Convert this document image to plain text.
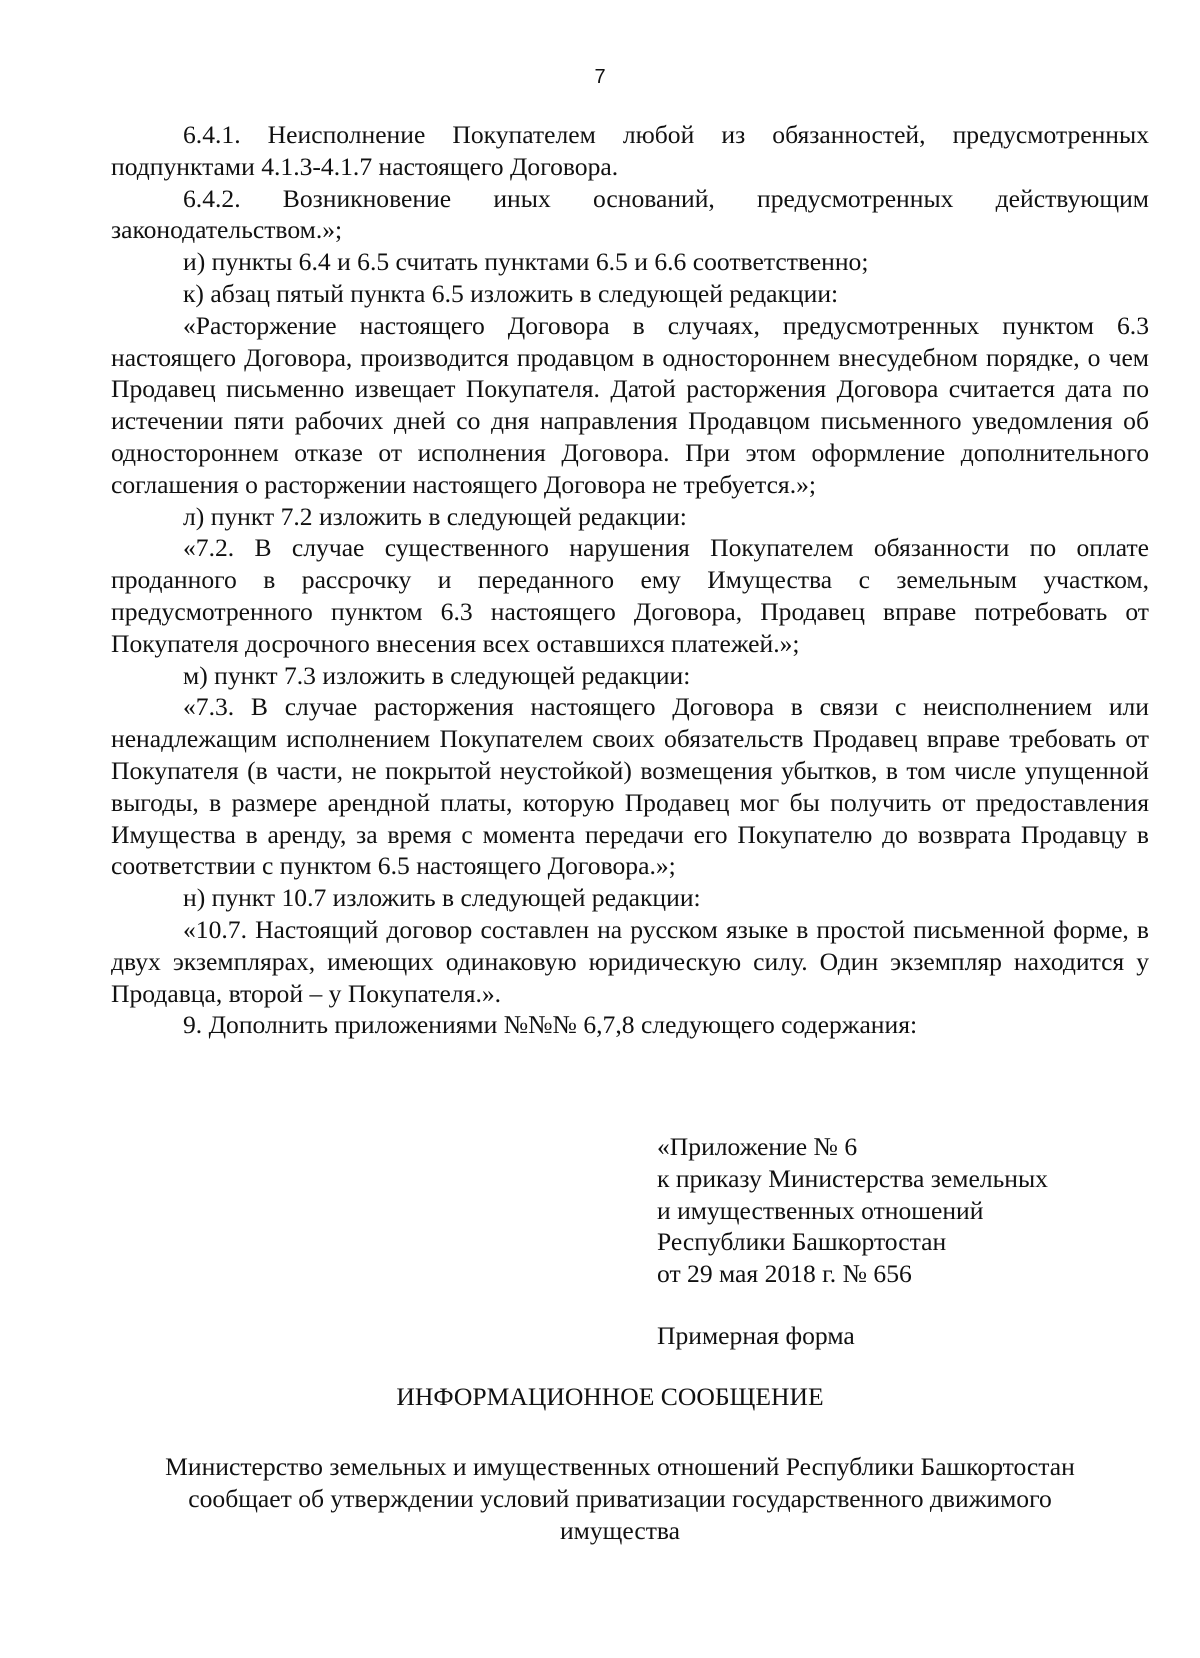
7

6.4.1. Неисполнение Покупателем любой из обязанностей, предусмотренных подпунктами 4.1.3-4.1.7 настоящего Договора.

6.4.2. Возникновение иных оснований, предусмотренных действующим законодательством.»;

и) пункты 6.4 и 6.5 считать пунктами 6.5 и 6.6 соответственно;

к) абзац пятый пункта 6.5 изложить в следующей редакции:

«Расторжение настоящего Договора в случаях, предусмотренных пунктом 6.3 настоящего Договора, производится продавцом в одностороннем внесудебном порядке, о чем Продавец письменно извещает Покупателя. Датой расторжения Договора считается дата по истечении пяти рабочих дней со дня направления Продавцом письменного уведомления об одностороннем отказе от исполнения Договора. При этом оформление дополнительного соглашения о расторжении настоящего Договора не требуется.»;

л) пункт 7.2 изложить в следующей редакции:

«7.2. В случае существенного нарушения Покупателем обязанности по оплате проданного в рассрочку и переданного ему Имущества с земельным участком, предусмотренного пунктом 6.3 настоящего Договора, Продавец вправе потребовать от Покупателя досрочного внесения всех оставшихся платежей.»;

м) пункт 7.3 изложить в следующей редакции:

«7.3. В случае расторжения настоящего Договора в связи с неисполнением или ненадлежащим исполнением Покупателем своих обязательств Продавец вправе требовать от Покупателя (в части, не покрытой неустойкой) возмещения убытков, в том числе упущенной выгоды, в размере арендной платы, которую Продавец мог бы получить от предоставления Имущества в аренду, за время с момента передачи его Покупателю до возврата Продавцу в соответствии с пунктом 6.5 настоящего Договора.»;

н) пункт 10.7 изложить в следующей редакции:

«10.7. Настоящий договор составлен на русском языке в простой письменной форме, в двух экземплярах, имеющих одинаковую юридическую силу. Один экземпляр находится у Продавца, второй – у Покупателя.».

9. Дополнить приложениями №№№ 6,7,8 следующего содержания:

«Приложение № 6
к приказу Министерства земельных
и имущественных отношений
Республики Башкортостан
от 29 мая 2018 г. № 656
Примерная форма
ИНФОРМАЦИОННОЕ СООБЩЕНИЕ
Министерство земельных и имущественных отношений Республики Башкортостан сообщает об утверждении условий приватизации государственного движимого имущества
